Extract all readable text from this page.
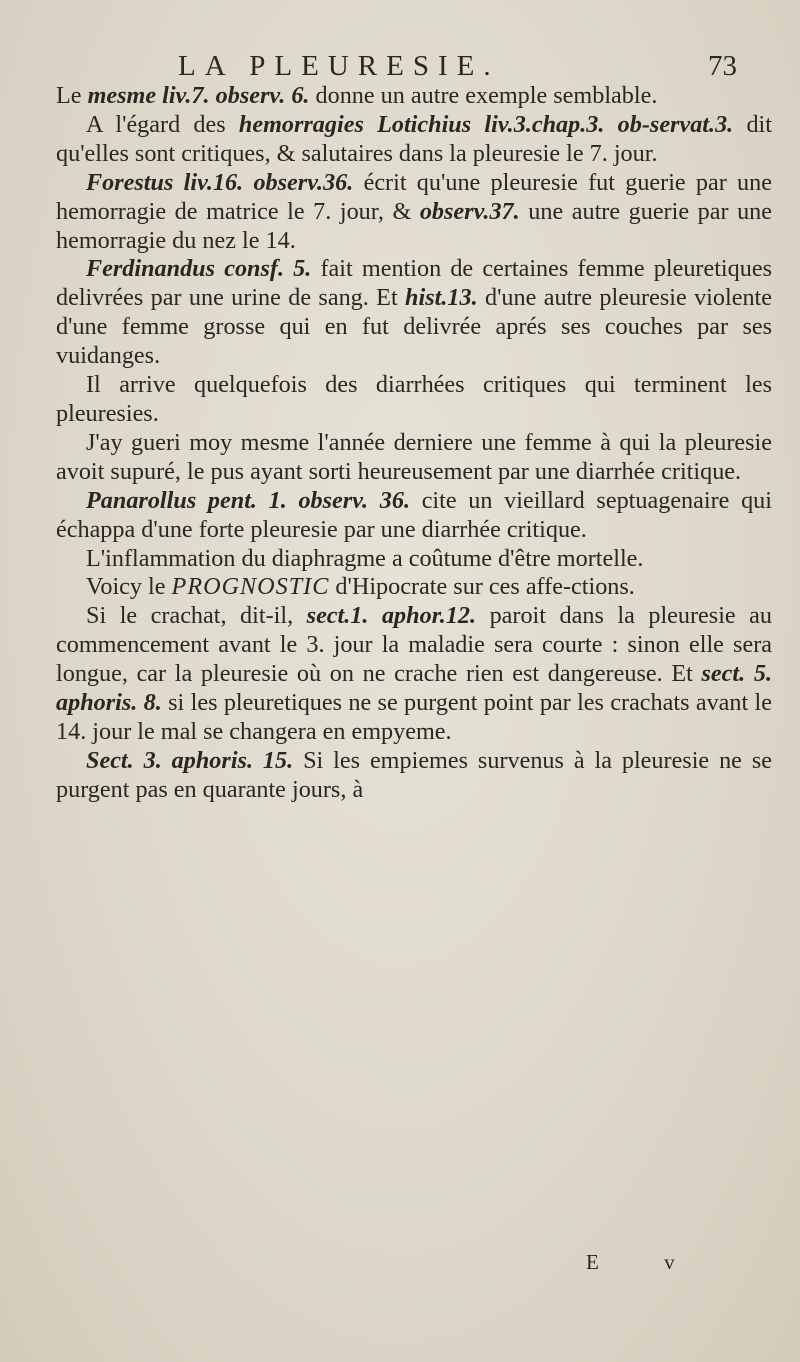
LA PLEURESIE.	73

Le mesme liv.7. observ. 6. donne un autre exemple semblable.

A l'égard des hemorragies Lotichius liv.3.chap.3. ob-servat.3. dit qu'elles sont critiques, & salutaires dans la pleuresie le 7. jour.

Forestus liv.16. observ.36. écrit qu'une pleuresie fut guerie par une hemorragie de matrice le 7. jour, & observ.37. une autre guerie par une hemorragie du nez le 14.

Ferdinandus consf. 5. fait mention de certaines femme pleuretiques delivrées par une urine de sang. Et hist.13. d'une autre pleuresie violente d'une femme grosse qui en fut delivrée aprés ses couches par ses vuidanges.

Il arrive quelquefois des diarrhées critiques qui terminent les pleuresies.

J'ay gueri moy mesme l'année derniere une femme à qui la pleuresie avoit supuré, le pus ayant sorti heureusement par une diarrhée critique.

Panarollus pent. 1. observ. 36. cite un vieillard septuagenaire qui échappa d'une forte pleuresie par une diarrhée critique.

L'inflammation du diaphragme a coûtume d'être mortelle.

Voicy le PROGNOSTIC d'Hipocrate sur ces affe-ctions.

Si le crachat, dit-il, sect.1. aphor.12. paroit dans la pleuresie au commencement avant le 3. jour la maladie sera courte : sinon elle sera longue, car la pleuresie où on ne crache rien est dangereuse. Et sect. 5. aphoris. 8. si les pleuretiques ne se purgent point par les crachats avant le 14. jour le mal se changera en empyeme.

Sect. 3. aphoris. 15. Si les empiemes survenus à la pleuresie ne se purgent pas en quarante jours, à

E v
